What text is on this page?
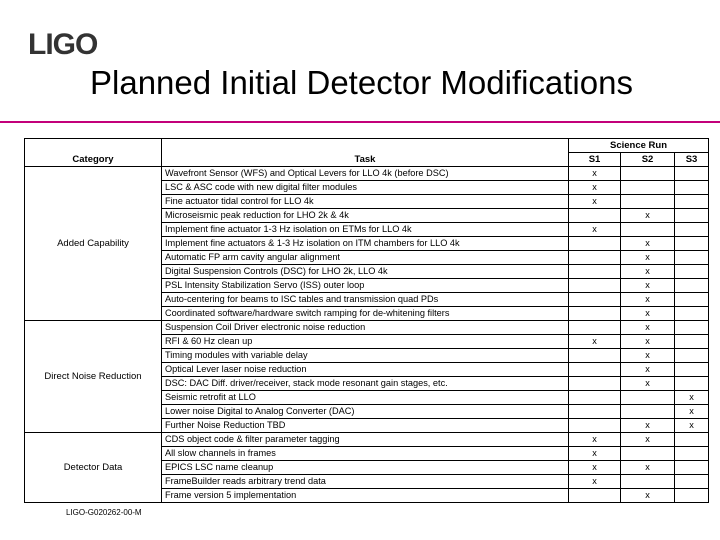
LIGO
Planned Initial Detector Modifications
		Science Run		
Category	Task	S1	S2	S3
Added Capability	Wavefront Sensor (WFS) and Optical Levers for LLO 4k (before DSC)	x		
	LSC & ASC code with new digital filter modules	x		
	Fine actuator tidal control for LLO 4k	x		
	Microseismic peak reduction for LHO 2k & 4k		x	
	Implement fine actuator 1-3 Hz isolation on ETMs for LLO 4k	x		
	Implement fine actuators & 1-3 Hz isolation on ITM chambers for LLO 4k		x	
	Automatic FP arm cavity angular alignment		x	
	Digital Suspension Controls (DSC) for LHO 2k, LLO 4k		x	
	PSL Intensity Stabilization Servo (ISS) outer loop		x	
	Auto-centering for beams to ISC tables and transmission quad PDs		x	
	Coordinated software/hardware switch ramping for de-whitening filters		x	
Direct Noise Reduction	Suspension Coil Driver electronic noise reduction		x	
	RFI & 60 Hz clean up	x	x	
	Timing modules with variable delay		x	
	Optical Lever laser noise reduction		x	
	DSC: DAC Diff. driver/receiver, stack mode resonant gain stages, etc.		x	
	Seismic retrofit at LLO			x
	Lower noise Digital to Analog Converter (DAC)			x
	Further Noise Reduction TBD		x	x
Detector Data	CDS object code & filter parameter tagging	x	x	
	All slow channels in frames	x		
	EPICS LSC name cleanup	x	x	
	FrameBuilder reads arbitrary trend data	x		
	Frame version 5 implementation		x	
LIGO-G020262-00-M
